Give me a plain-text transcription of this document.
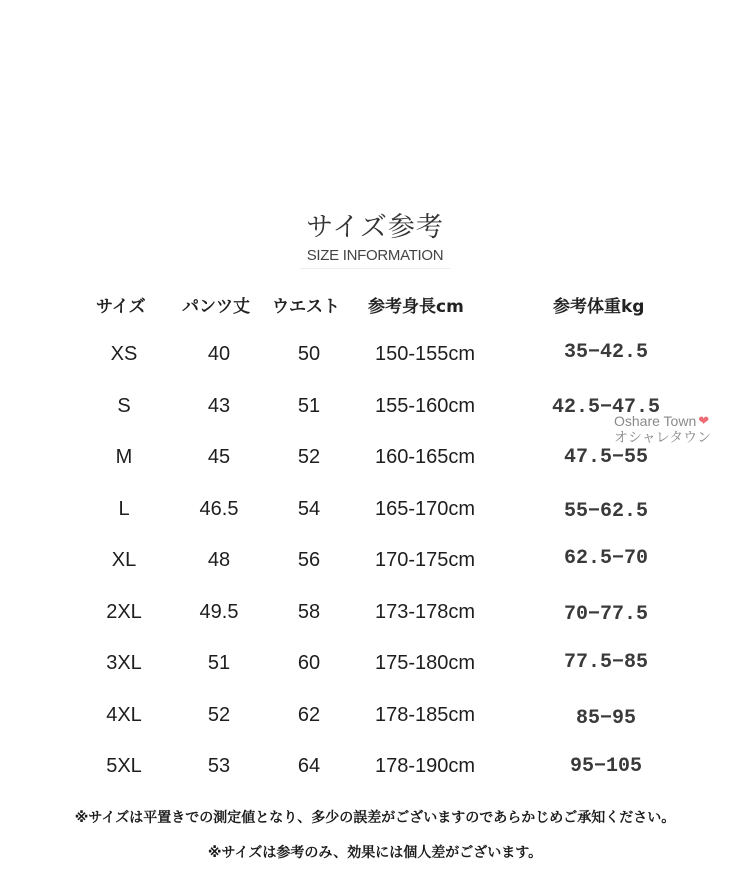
サイズ参考
SIZE INFORMATION
サイズ パンツ丈 ウエスト 参考身長cm	参考体重kg
XS	40	50	150-155cm	35−42.5
S	43	51	155-160cm	42.5−47.5
M	45	52	160-165cm	47.5−55
L	46.5	54	165-170cm	55−62.5
XL	48	56	170-175cm	62.5−70
2XL	49.5	58	173-178cm	70−77.5
3XL	51	60	175-180cm	77.5−85
4XL	52	62	178-185cm	85−95
5XL	53	64	178-190cm	95−105
Oshare Town ❤
オシャレタウン
※サイズは平置きでの測定値となり、多少の誤差がございますのであらかじめご承知ください。
※サイズは参考のみ、効果には個人差がございます。
